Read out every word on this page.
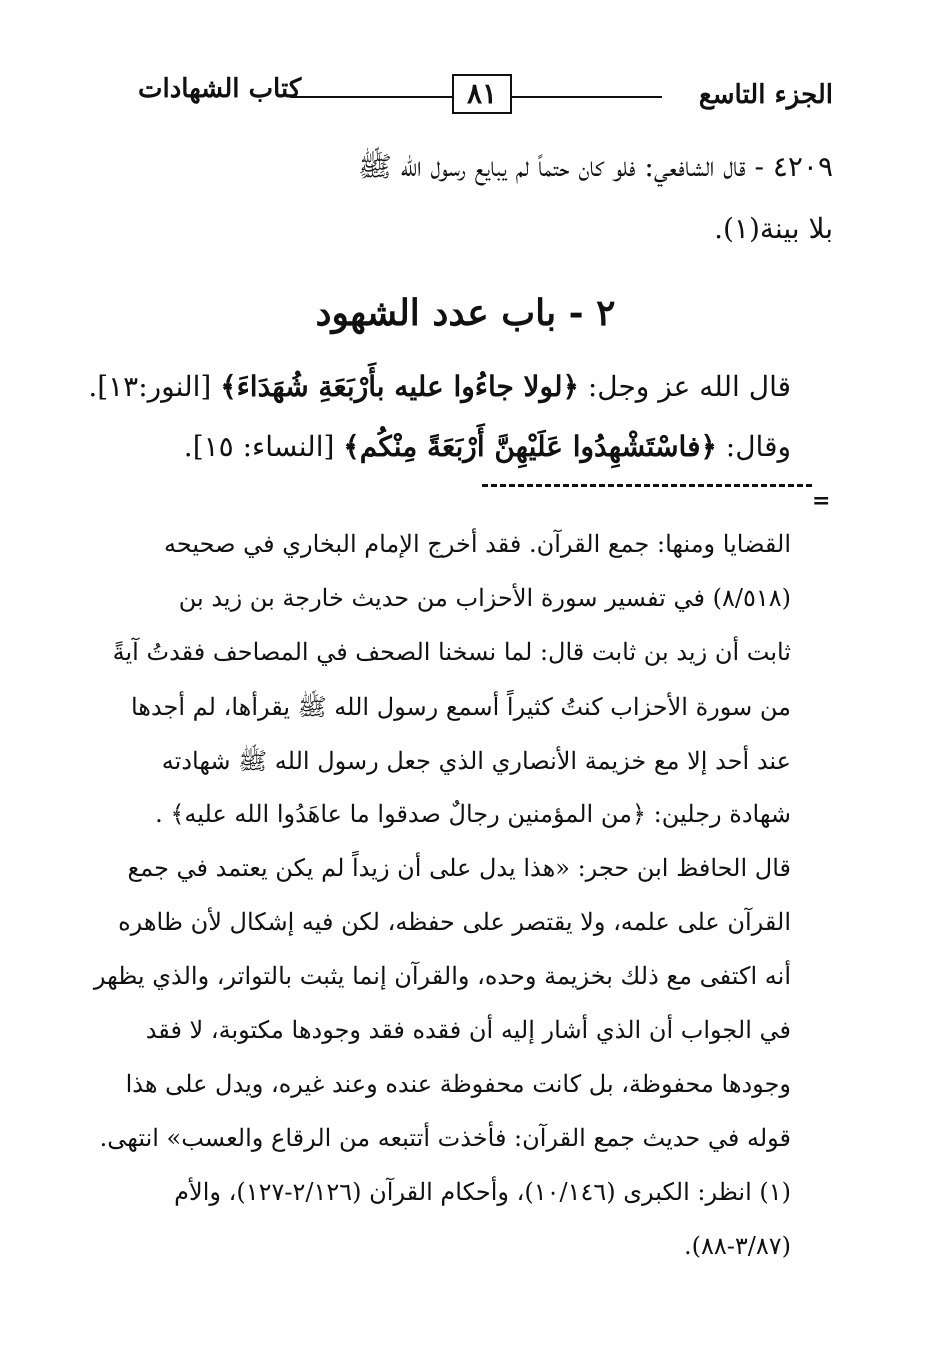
الجزء التاسع
٨١
كتاب الشهادات
٤٢٠٩ - قال الشافعي: فلو كان حتماً لم يبايع رسول الله ﷺ
بلا بينة(١).
٢ - باب عدد الشهود
قال الله عز وجل: ﴿لولا جاءُوا عليه بأَرْبَعَةِ شُهَدَاءَ﴾ [النور:١٣].
وقال: ﴿فاسْتَشْهِدُوا عَلَيْهِنَّ أَرْبَعَةً مِنْكُم﴾ [النساء: ١٥].
=
القضايا ومنها: جمع القرآن. فقد أخرج الإمام البخاري في صحيحه
(٨/٥١٨) في تفسير سورة الأحزاب من حديث خارجة بن زيد بن
ثابت أن زيد بن ثابت قال: لما نسخنا الصحف في المصاحف فقدتُ آيةً
من سورة الأحزاب كنتُ كثيراً أسمع رسول الله ﷺ يقرأها، لم أجدها
عند أحد إلا مع خزيمة الأنصاري الذي جعل رسول الله ﷺ شهادته
شهادة رجلين: ﴿من المؤمنين رجالٌ صدقوا ما عاهَدُوا الله عليه﴾ .
قال الحافظ ابن حجر: «هذا يدل على أن زيداً لم يكن يعتمد في جمع
القرآن على علمه، ولا يقتصر على حفظه، لكن فيه إشكال لأن ظاهره
أنه اكتفى مع ذلك بخزيمة وحده، والقرآن إنما يثبت بالتواتر، والذي يظهر
في الجواب أن الذي أشار إليه أن فقده فقد وجودها مكتوبة، لا فقد
وجودها محفوظة، بل كانت محفوظة عنده وعند غيره، ويدل على هذا
قوله في حديث جمع القرآن: فأخذت أتتبعه من الرقاع والعسب» انتهى.
(١) انظر: الكبرى (١٠/١٤٦)، وأحكام القرآن (٢/١٢٦-١٢٧)، والأم
(٣/٨٧-٨٨).
